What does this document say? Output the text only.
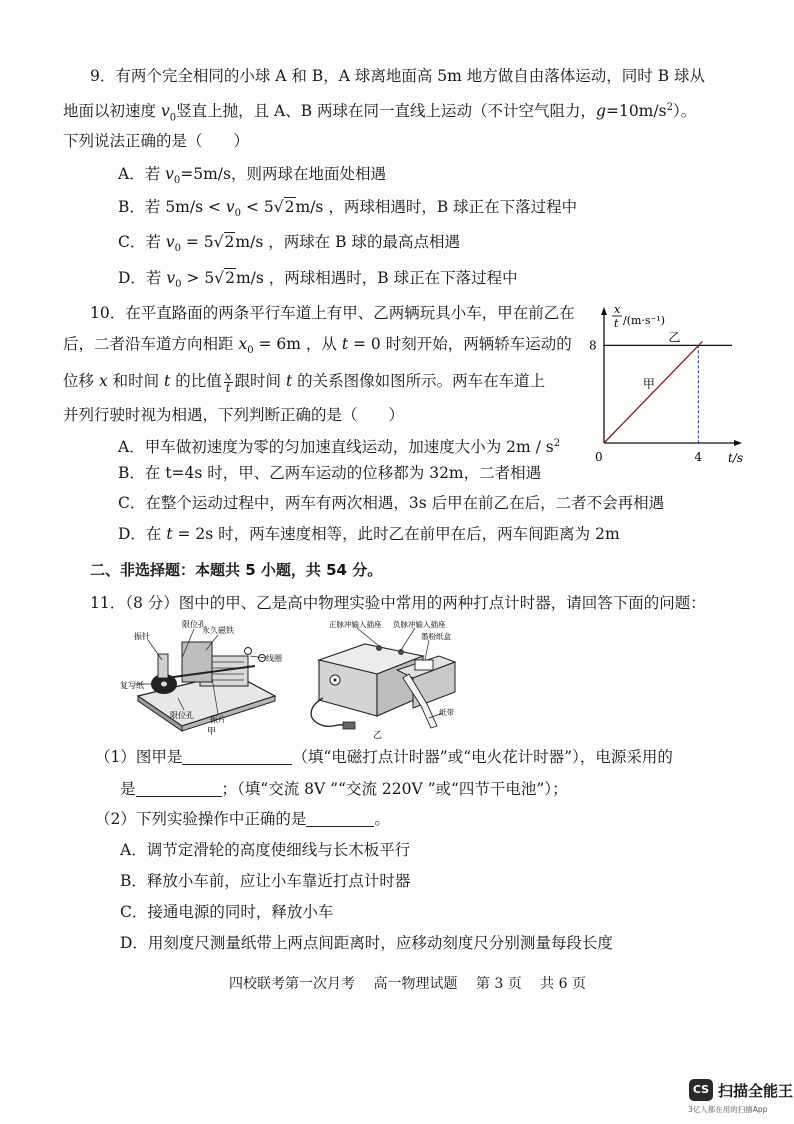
9．有两个完全相同的小球 A 和 B，A 球离地面高 5m 地方做自由落体运动，同时 B 球从
地面以初速度 $v_0$竖直上抛，且 A、B 两球在同一直线上运动（不计空气阻力，$g=10m/s^2$）。
下列说法正确的是（　　）
A．若 $v_0=5m/s$，则两球在地面处相遇
B．若 $5m/s < v_0 < 5√2m/s$ ，两球相遇时，B 球正在下落过程中
C．若 $v_0 = 5√2m/s$ ，两球在 B 球的最高点相遇
D．若 $v_0 > 5√2m/s$ ，两球相遇时，B 球正在下落过程中
10．在平直路面的两条平行车道上有甲、乙两辆玩具小车，甲在前乙在
后，二者沿车道方向相距 $x_0 = 6m$ ，从 t = 0 时刻开始，两辆轿车运动的
位移 x 和时间 t 的比值 $\frac{x}{t}$ 跟时间 t 的关系图像如图所示。两车在车道上
并列行驶时视为相遇，下列判断正确的是（　　）
A．甲车做初速度为零的匀加速直线运动，加速度大小为 $2m / s^2$
B．在 t=4s 时，甲、乙两车运动的位移都为 32m，二者相遇
C．在整个运动过程中，两车有两次相遇，3s 后甲在前乙在后，二者不会再相遇
D．在 t = 2s 时，两车速度相等，此时乙在前甲在后，两车间距离为 2m
x
t /(m·s⁻¹)
t/s
0
8
4
乙
甲
二、非选择题：本题共 5 小题，共 54 分。
11．（8 分）图中的甲、乙是高中物理实验中常用的两种打点计时器，请回答下面的问题：
限位孔
永久磁铁
振针
线圈
复写纸
限位孔 振片
甲
正脉冲输入插座 负脉冲输入插座
墨粉纸盒
纸带
乙
（1）图甲是	（填“电磁打点计时器”或“电火花计时器”），电源采用的
是	；（填“交流 8V ”“交流 220V ”或“四节干电池”）；
（2）下列实验操作中正确的是	。
A．调节定滑轮的高度使细线与长木板平行
B．释放小车前，应让小车靠近打点计时器
C．接通电源的同时，释放小车
D．用刻度尺测量纸带上两点间距离时，应移动刻度尺分别测量每段长度
四校联考第一次月考　 高一物理试题　 第 3 页　 共 6 页
CS 扫描全能王
3亿人都在用的扫描App
